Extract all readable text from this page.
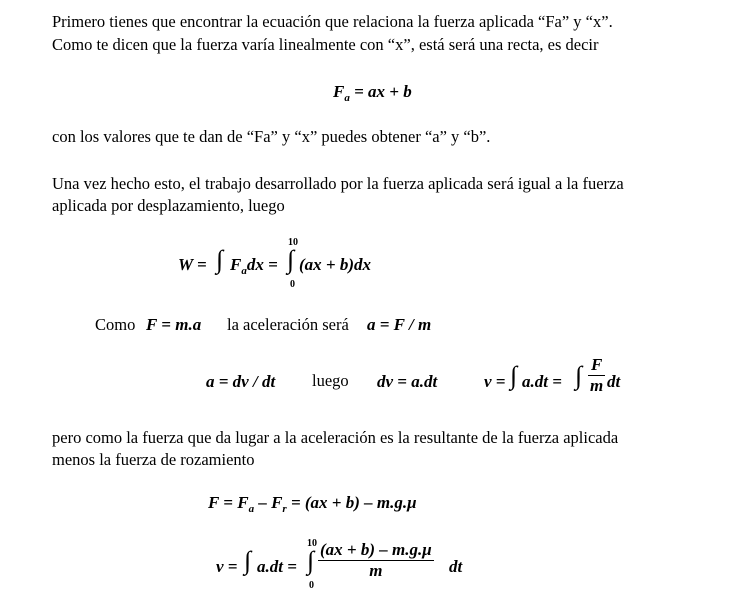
Primero tienes que encontrar la ecuación que relaciona la fuerza aplicada “Fa” y “x”.
Como te dicen que la fuerza varía linealmente con “x”, está será una recta, es decir
$F_a$ = ax + b
con los valores que te dan de “Fa” y “x” puedes obtener “a” y “b”.
Una vez hecho esto, el trabajo desarrollado por la fuerza aplicada será igual a la fuerza
aplicada por desplazamiento, luego
W = ∫ $F_adx$ =
10
∫
0
(ax + b)dx
Como F = m.a la aceleración será a = F / m
a = dv / dt luego dv = a.dt	v = ∫ a.dt = ∫ $\frac{F}{m}$ dt
pero como la fuerza que da lugar a la aceleración es la resultante de la fuerza aplicada
menos la fuerza de rozamiento
$F = F_a - F_r = (ax + b) - m.g.\mu$
v = ∫ a.dt =
10
∫
0
$\frac{(ax + b) - m.g.\mu}{m}$ dt
